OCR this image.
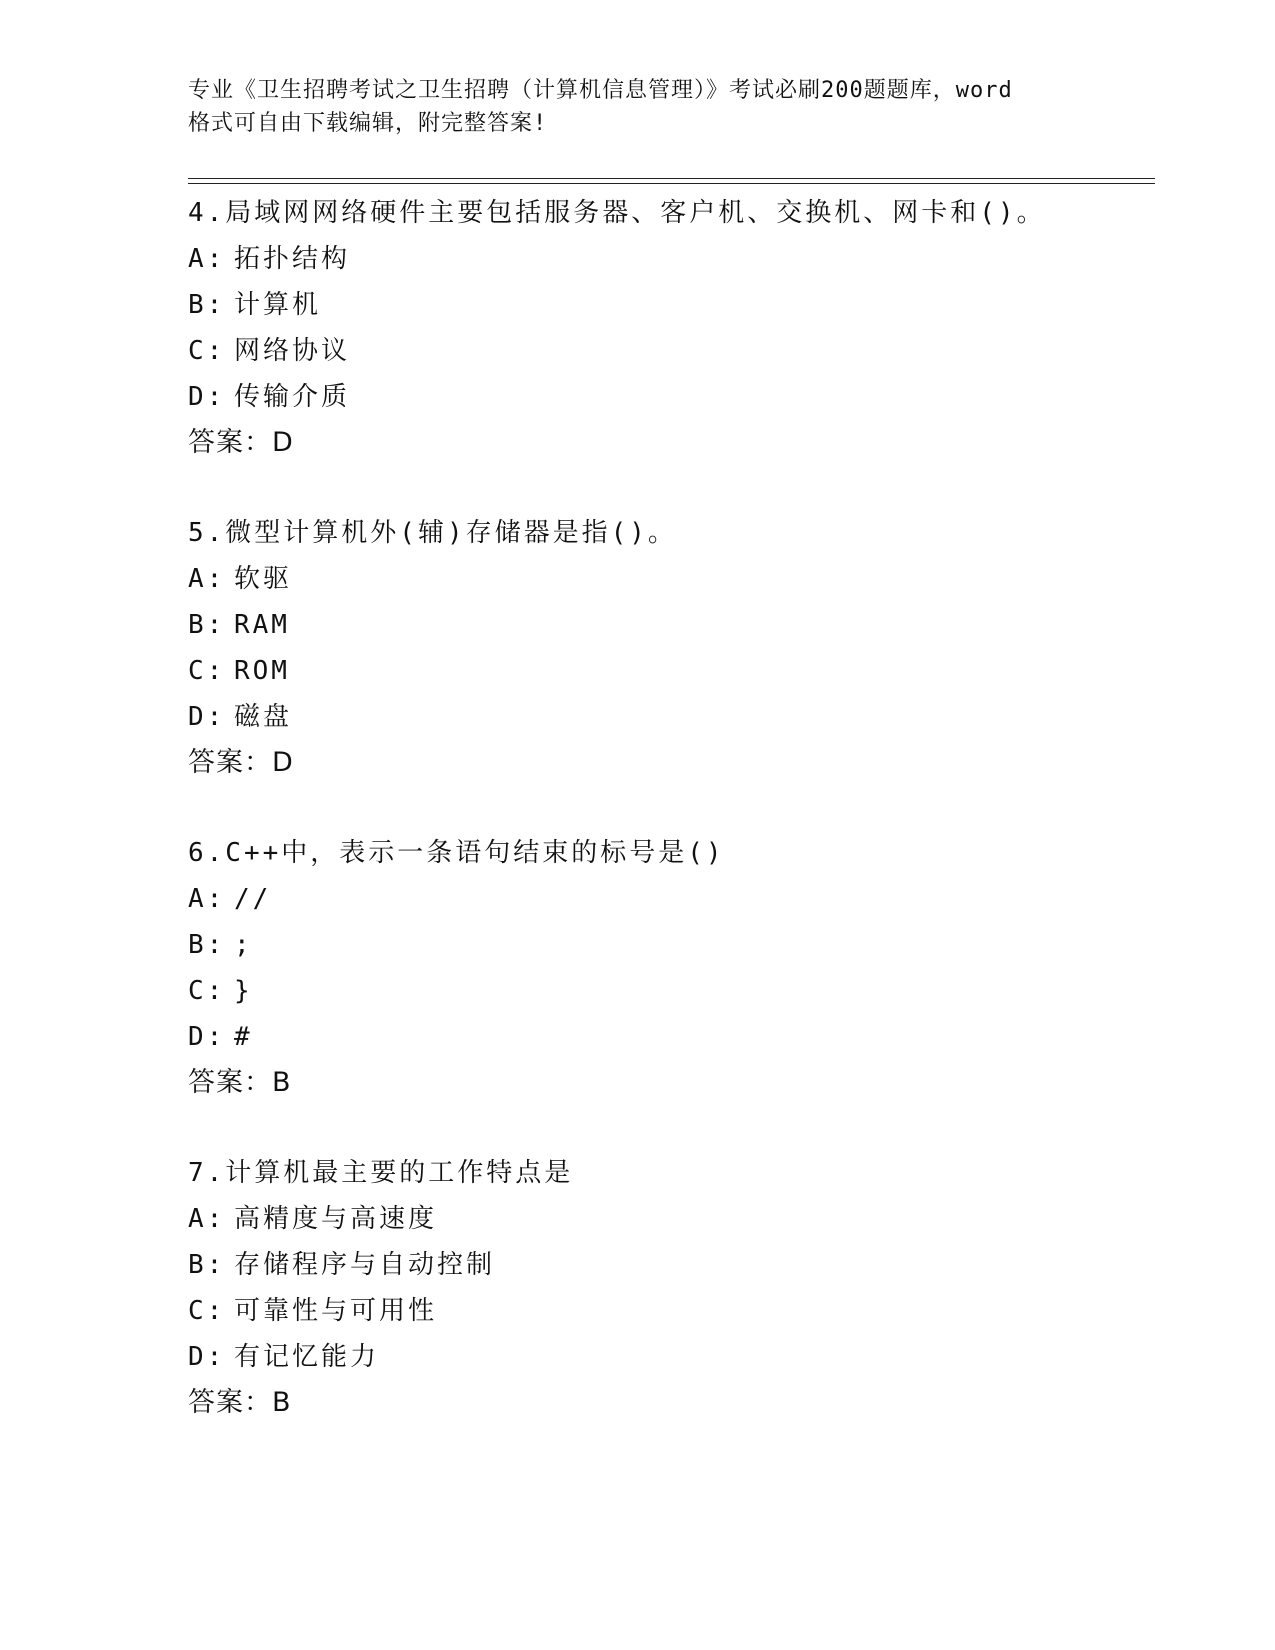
专业《卫生招聘考试之卫生招聘（计算机信息管理）》考试必刷200题题库，word
格式可自由下载编辑，附完整答案!
4.局域网网络硬件主要包括服务器、客户机、交换机、网卡和()。
A: 拓扑结构
B: 计算机
C: 网络协议
D: 传输介质
答案：D
5.微型计算机外(辅)存储器是指()。
A: 软驱
B: RAM
C: ROM
D: 磁盘
答案：D
6.C++中，表示一条语句结束的标号是()
A: //
B: ;
C: }
D: #
答案：B
7.计算机最主要的工作特点是
A: 高精度与高速度
B: 存储程序与自动控制
C: 可靠性与可用性
D: 有记忆能力
答案：B
